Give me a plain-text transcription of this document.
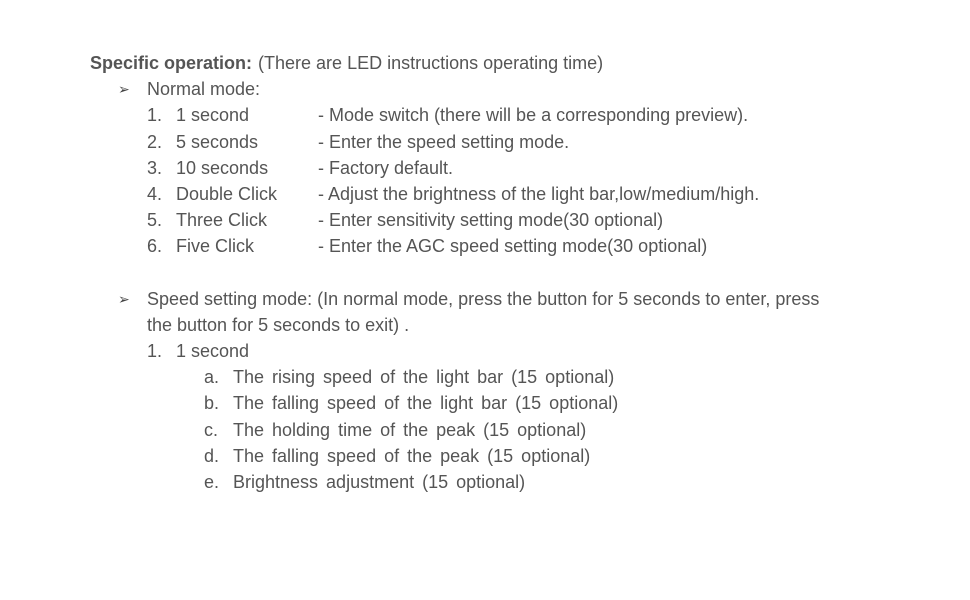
Specific operation: (There are LED instructions operating time)
➢ Normal mode:
1. 1 second	- Mode switch (there will be a corresponding preview).
2. 5 seconds	- Enter the speed setting mode.
3. 10 seconds	- Factory default.
4. Double Click - Adjust the brightness of the light bar,low/medium/high.
5. Three Click	- Enter sensitivity setting mode(30 optional)
6. Five Click	- Enter the AGC speed setting mode(30 optional)
➢ Speed setting mode: (In normal mode, press the button for 5 seconds to enter, press
the button for 5 seconds to exit) .
1. 1 second
a. The rising speed of the light bar (15 optional)
b. The falling speed of the light bar (15 optional)
c. The holding time of the peak (15 optional)
d. The falling speed of the peak (15 optional)
e. Brightness adjustment (15 optional)
